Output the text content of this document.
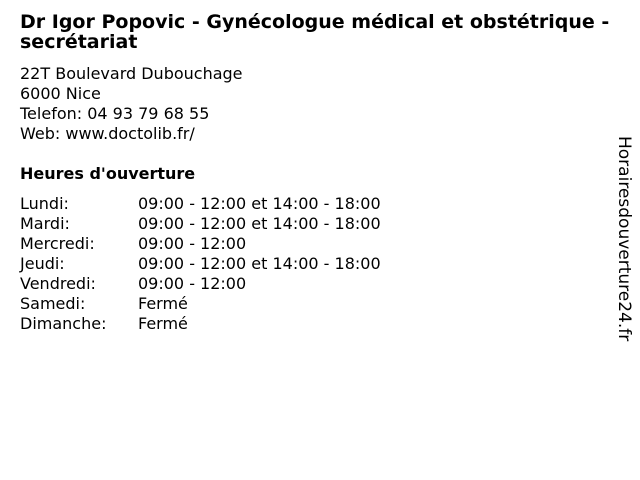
Dr Igor Popovic - Gynécologue médical et obstétrique - secrétariat
22T Boulevard Dubouchage
6000 Nice
Telefon: 04 93 79 68 55
Web: www.doctolib.fr/
Heures d'ouverture
Lundi:	09:00 - 12:00 et 14:00 - 18:00
Mardi:	09:00 - 12:00 et 14:00 - 18:00
Mercredi:	09:00 - 12:00
Jeudi:	09:00 - 12:00 et 14:00 - 18:00
Vendredi:	09:00 - 12:00
Samedi:	Fermé
Dimanche: Fermé	Horairesdouverture24.fr
